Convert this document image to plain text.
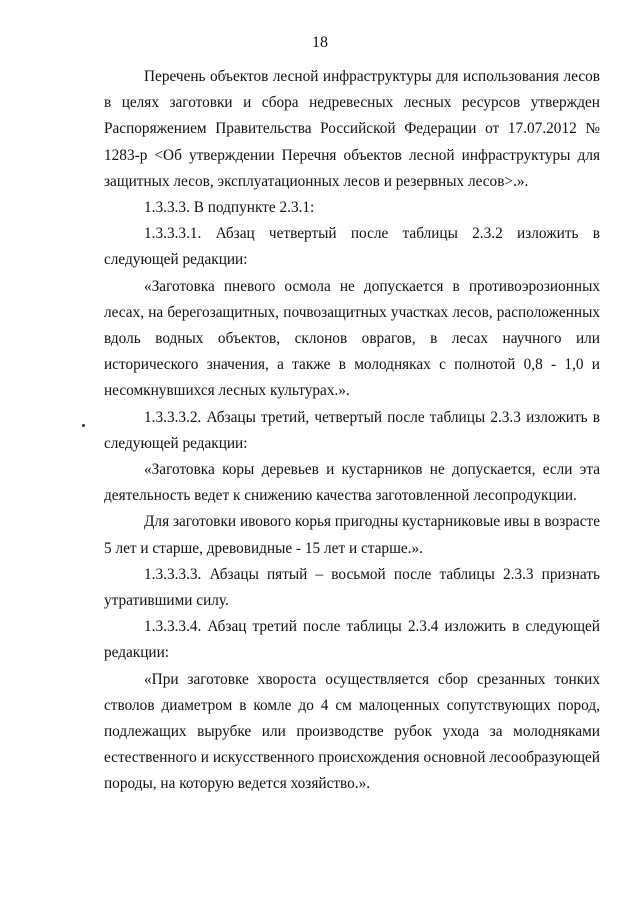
18

Перечень объектов лесной инфраструктуры для использования лесов в целях заготовки и сбора недревесных лесных ресурсов утвержден Распоряжением Правительства Российской Федерации от 17.07.2012 № 1283-р <Об утверждении Перечня объектов лесной инфраструктуры для защитных лесов, эксплуатационных лесов и резервных лесов>.».

1.3.3.3. В подпункте 2.3.1:

1.3.3.3.1. Абзац четвертый после таблицы 2.3.2 изложить в следующей редакции:

«Заготовка пневого осмола не допускается в противоэрозионных лесах, на берегозащитных, почвозащитных участках лесов, расположенных вдоль водных объектов, склонов оврагов, в лесах научного или исторического значения, а также в молодняках с полнотой 0,8 - 1,0 и несомкнувшихся лесных культурах.».

1.3.3.3.2. Абзацы третий, четвертый после таблицы 2.3.3 изложить в следующей редакции:

«Заготовка коры деревьев и кустарников не допускается, если эта деятельность ведет к снижению качества заготовленной лесопродукции.

Для заготовки ивового корья пригодны кустарниковые ивы в возрасте 5 лет и старше, древовидные - 15 лет и старше.».

1.3.3.3.3. Абзацы пятый – восьмой после таблицы 2.3.3 признать утратившими силу.

1.3.3.3.4. Абзац третий после таблицы 2.3.4 изложить в следующей редакции:

«При заготовке хвороста осуществляется сбор срезанных тонких стволов диаметром в комле до 4 см малоценных сопутствующих пород, подлежащих вырубке или производстве рубок ухода за молодняками естественного и искусственного происхождения основной лесообразующей породы, на которую ведется хозяйство.».
